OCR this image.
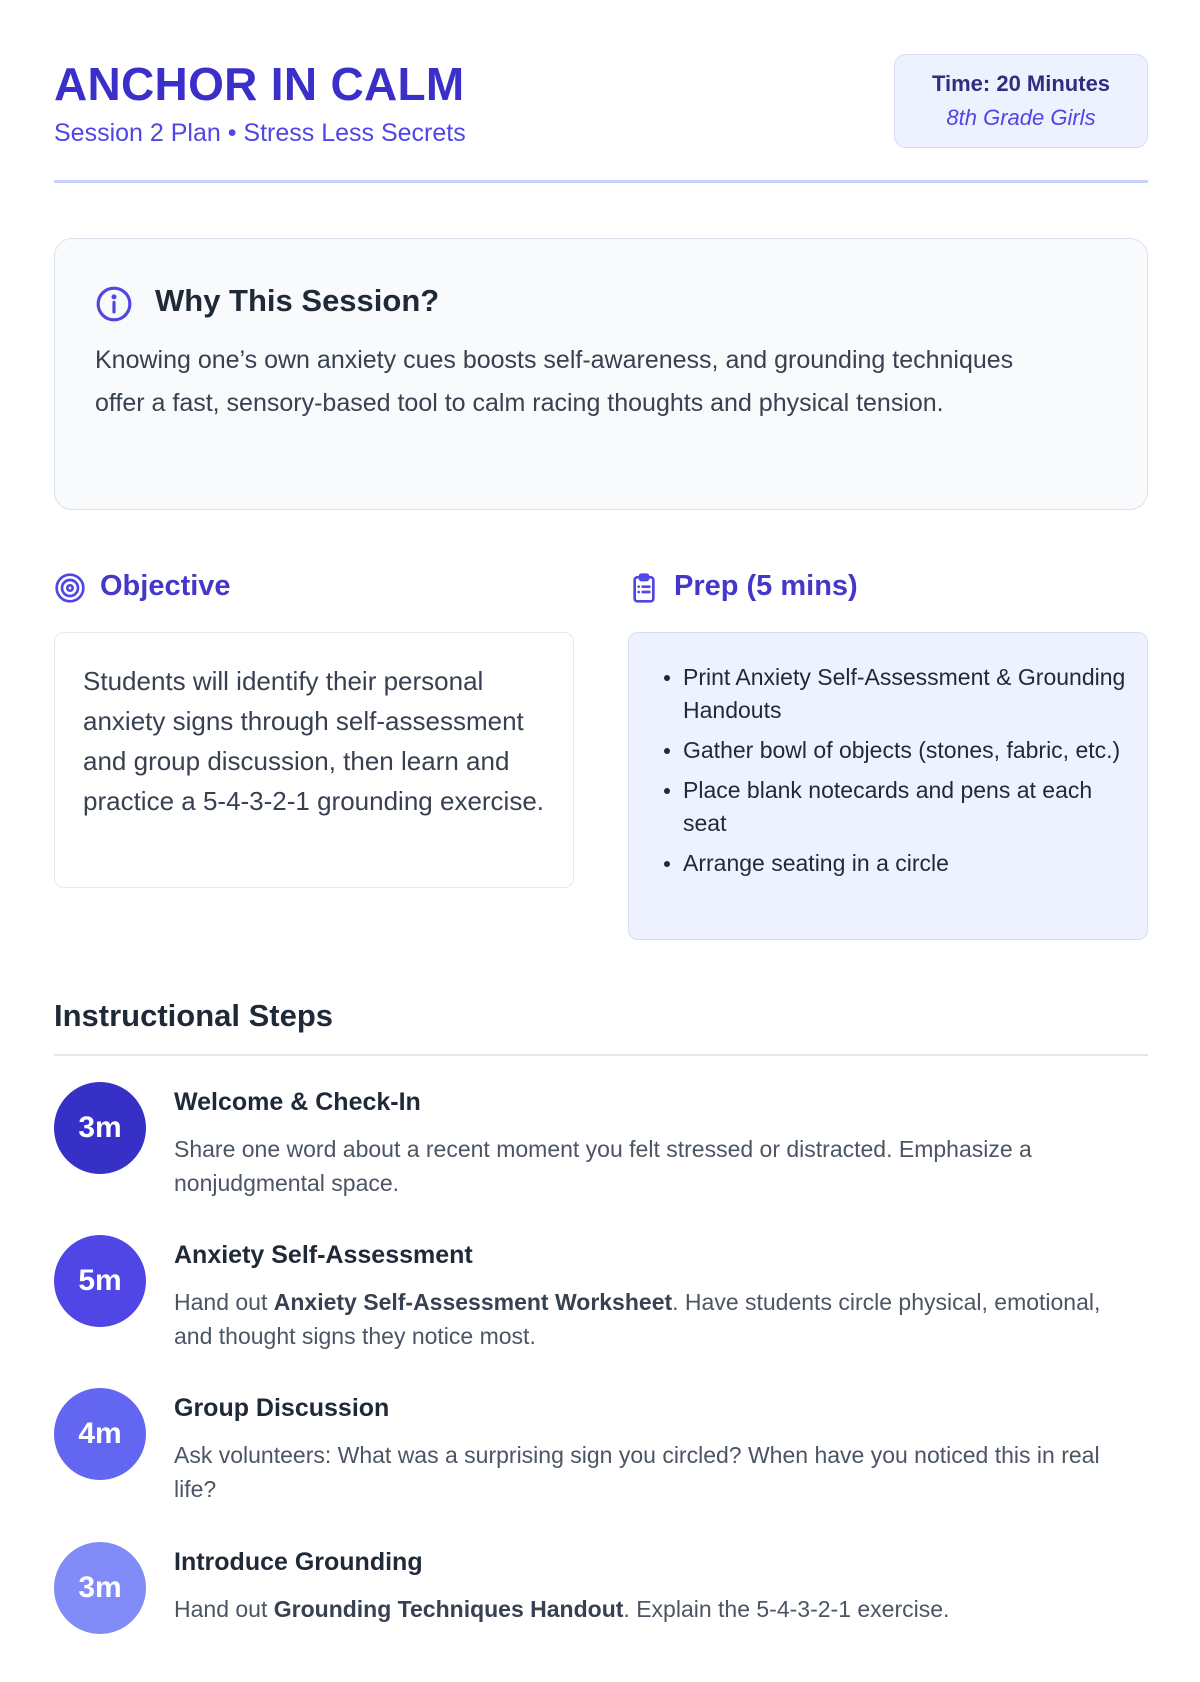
ANCHOR IN CALM
Session 2 Plan • Stress Less Secrets
Time: 20 Minutes
8th Grade Girls
Why This Session?
Knowing one’s own anxiety cues boosts self-awareness, and grounding techniques offer a fast, sensory-based tool to calm racing thoughts and physical tension.
Objective	Prep (5 mins)
Students will identify their personal anxiety signs through self-assessment and group discussion, then learn and practice a 5-4-3-2-1 grounding exercise.
Print Anxiety Self-Assessment & Grounding Handouts
Gather bowl of objects (stones, fabric, etc.)
Place blank notecards and pens at each seat
Arrange seating in a circle
Instructional Steps
3m
Welcome & Check-In
Share one word about a recent moment you felt stressed or distracted. Emphasize a nonjudgmental space.
5m
Anxiety Self-Assessment
Hand out Anxiety Self-Assessment Worksheet. Have students circle physical, emotional, and thought signs they notice most.
4m
Group Discussion
Ask volunteers: What was a surprising sign you circled? When have you noticed this in real life?
3m
Introduce Grounding
Hand out Grounding Techniques Handout. Explain the 5-4-3-2-1 exercise.
